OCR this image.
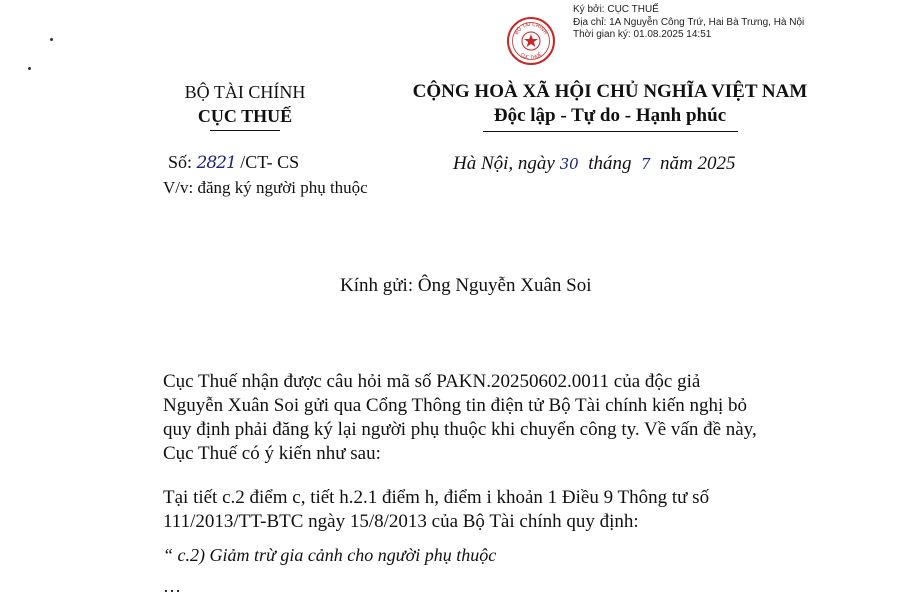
Ký bởi: CỤC THUẾ
Địa chỉ: 1A Nguyễn Công Trứ, Hai Bà Trưng, Hà Nội
Thời gian ký: 01.08.2025 14:51
BỘ TÀI CHÍNH
CỤC THUẾ
BỘ TÀI CHÍNH
CỤC THUẾ
CỘNG HOÀ XÃ HỘI CHỦ NGHĨA VIỆT NAM
Độc lập - Tự do - Hạnh phúc
Số: 2821 /CT- CS
V/v: đăng ký người phụ thuộc
Hà Nội, ngày 30 tháng 7 năm 2025
Kính gửi: Ông Nguyễn Xuân Soi
Cục Thuế nhận được câu hỏi mã số PAKN.20250602.0011 của độc giả
Nguyễn Xuân Soi gửi qua Cổng Thông tin điện tử Bộ Tài chính kiến nghị bỏ
quy định phải đăng ký lại người phụ thuộc khi chuyển công ty. Về vấn đề này,
Cục Thuế có ý kiến như sau:
Tại tiết c.2 điểm c, tiết h.2.1 điểm h, điểm i khoản 1 Điều 9 Thông tư số
111/2013/TT-BTC ngày 15/8/2013 của Bộ Tài chính quy định:
“ c.2) Giảm trừ gia cảnh cho người phụ thuộc
…
